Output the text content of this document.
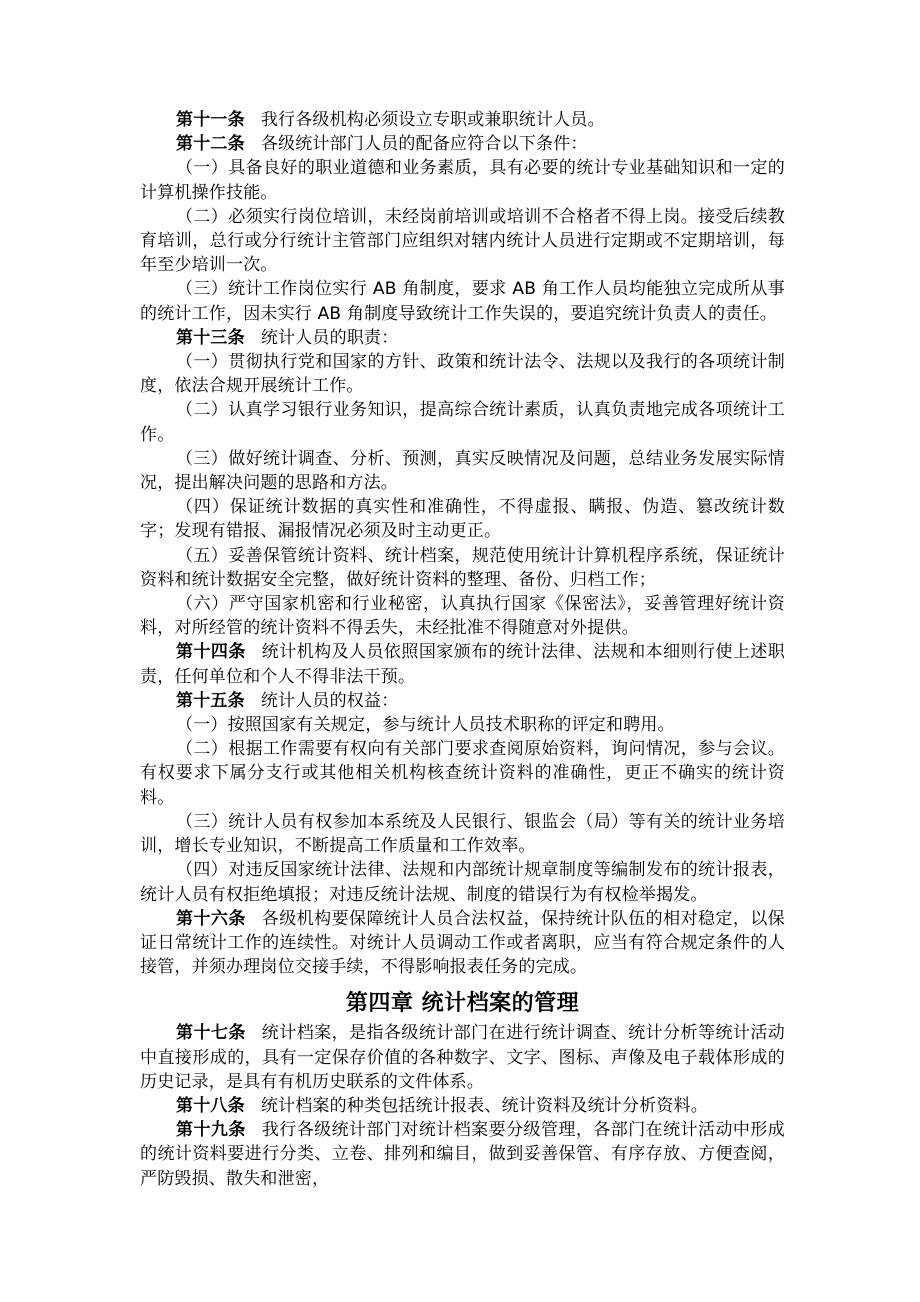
第十一条 我行各级机构必须设立专职或兼职统计人员。

第十二条 各级统计部门人员的配备应符合以下条件：

（一）具备良好的职业道德和业务素质，具有必要的统计专业基础知识和一定的计算机操作技能。

（二）必须实行岗位培训，未经岗前培训或培训不合格者不得上岗。接受后续教育培训，总行或分行统计主管部门应组织对辖内统计人员进行定期或不定期培训，每年至少培训一次。

（三）统计工作岗位实行 AB 角制度，要求 AB 角工作人员均能独立完成所从事的统计工作，因未实行 AB 角制度导致统计工作失误的，要追究统计负责人的责任。

第十三条 统计人员的职责：

（一）贯彻执行党和国家的方针、政策和统计法令、法规以及我行的各项统计制度，依法合规开展统计工作。

（二）认真学习银行业务知识，提高综合统计素质，认真负责地完成各项统计工作。

（三）做好统计调查、分析、预测，真实反映情况及问题，总结业务发展实际情况，提出解决问题的思路和方法。

（四）保证统计数据的真实性和准确性，不得虚报、瞒报、伪造、篡改统计数字；发现有错报、漏报情况必须及时主动更正。

（五）妥善保管统计资料、统计档案，规范使用统计计算机程序系统，保证统计资料和统计数据安全完整，做好统计资料的整理、备份、归档工作；

（六）严守国家机密和行业秘密，认真执行国家《保密法》，妥善管理好统计资料，对所经管的统计资料不得丢失，未经批准不得随意对外提供。

第十四条 统计机构及人员依照国家颁布的统计法律、法规和本细则行使上述职责，任何单位和个人不得非法干预。

第十五条 统计人员的权益：

（一）按照国家有关规定，参与统计人员技术职称的评定和聘用。

（二）根据工作需要有权向有关部门要求查阅原始资料，询问情况，参与会议。有权要求下属分支行或其他相关机构核查统计资料的准确性，更正不确实的统计资料。

（三）统计人员有权参加本系统及人民银行、银监会（局）等有关的统计业务培训，增长专业知识，不断提高工作质量和工作效率。

（四）对违反国家统计法律、法规和内部统计规章制度等编制发布的统计报表，统计人员有权拒绝填报；对违反统计法规、制度的错误行为有权检举揭发。

第十六条 各级机构要保障统计人员合法权益，保持统计队伍的相对稳定，以保证日常统计工作的连续性。对统计人员调动工作或者离职，应当有符合规定条件的人接管，并须办理岗位交接手续，不得影响报表任务的完成。

第四章 统计档案的管理

第十七条 统计档案，是指各级统计部门在进行统计调查、统计分析等统计活动中直接形成的，具有一定保存价值的各种数字、文字、图标、声像及电子载体形成的历史记录，是具有有机历史联系的文件体系。

第十八条 统计档案的种类包括统计报表、统计资料及统计分析资料。

第十九条 我行各级统计部门对统计档案要分级管理，各部门在统计活动中形成的统计资料要进行分类、立卷、排列和编目，做到妥善保管、有序存放、方便查阅，严防毁损、散失和泄密，
